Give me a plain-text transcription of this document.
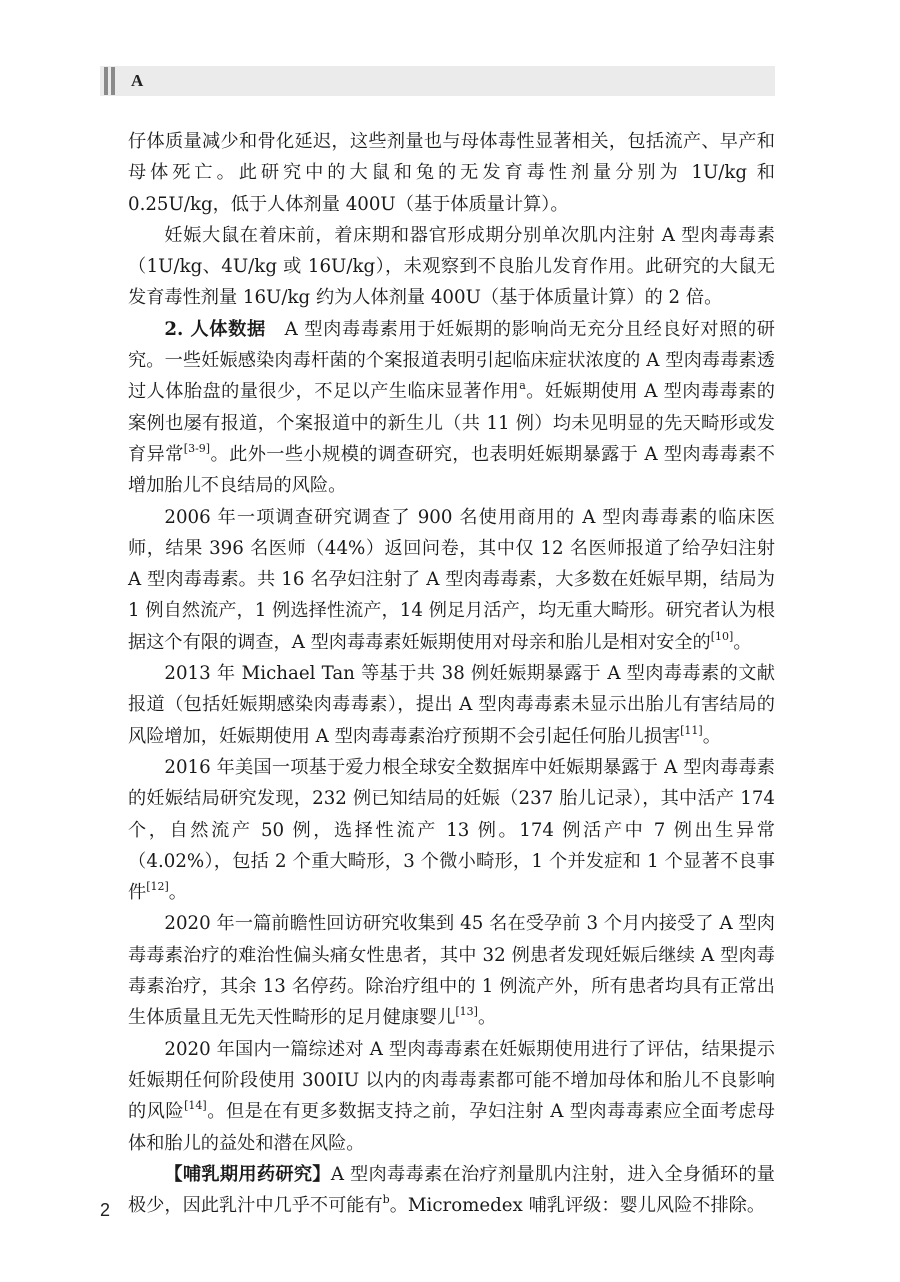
A

仔体质量减少和骨化延迟，这些剂量也与母体毒性显著相关，包括流产、早产和母体死亡。此研究中的大鼠和兔的无发育毒性剂量分别为 1U/kg 和 0.25U/kg，低于人体剂量 400U（基于体质量计算）。

妊娠大鼠在着床前，着床期和器官形成期分别单次肌内注射 A 型肉毒毒素（1U/kg、4U/kg 或 16U/kg），未观察到不良胎儿发育作用。此研究的大鼠无发育毒性剂量 16U/kg 约为人体剂量 400U（基于体质量计算）的 2 倍。

2. 人体数据　 A 型肉毒毒素用于妊娠期的影响尚无充分且经良好对照的研究。一些妊娠感染肉毒杆菌的个案报道表明引起临床症状浓度的 A 型肉毒毒素透过人体胎盘的量很少，不足以产生临床显著作用$^a$。妊娠期使用 A 型肉毒毒素的案例也屡有报道，个案报道中的新生儿（共 11 例）均未见明显的先天畸形或发育异常[3-9]。此外一些小规模的调查研究，也表明妊娠期暴露于 A 型肉毒毒素不增加胎儿不良结局的风险。

2006 年一项调查研究调查了 900 名使用商用的 A 型肉毒毒素的临床医师，结果 396 名医师（44%）返回问卷，其中仅 12 名医师报道了给孕妇注射 A 型肉毒毒素。共 16 名孕妇注射了 A 型肉毒毒素，大多数在妊娠早期，结局为 1 例自然流产，1 例选择性流产，14 例足月活产，均无重大畸形。研究者认为根据这个有限的调查，A 型肉毒毒素妊娠期使用对母亲和胎儿是相对安全的[10]。

2013 年 Michael Tan 等基于共 38 例妊娠期暴露于 A 型肉毒毒素的文献报道（包括妊娠期感染肉毒毒素），提出 A 型肉毒毒素未显示出胎儿有害结局的风险增加，妊娠期使用 A 型肉毒毒素治疗预期不会引起任何胎儿损害[11]。

2016 年美国一项基于爱力根全球安全数据库中妊娠期暴露于 A 型肉毒毒素的妊娠结局研究发现，232 例已知结局的妊娠（237 胎儿记录），其中活产 174 个，自然流产 50 例，选择性流产 13 例。174 例活产中 7 例出生异常（4.02%），包括 2 个重大畸形，3 个微小畸形，1 个并发症和 1 个显著不良事件[12]。

2020 年一篇前瞻性回访研究收集到 45 名在受孕前 3 个月内接受了 A 型肉毒毒素治疗的难治性偏头痛女性患者，其中 32 例患者发现妊娠后继续 A 型肉毒毒素治疗，其余 13 名停药。除治疗组中的 1 例流产外，所有患者均具有正常出生体质量且无先天性畸形的足月健康婴儿[13]。

2020 年国内一篇综述对 A 型肉毒毒素在妊娠期使用进行了评估，结果提示妊娠期任何阶段使用 300IU 以内的肉毒毒素都可能不增加母体和胎儿不良影响的风险[14]。但是在有更多数据支持之前，孕妇注射 A 型肉毒毒素应全面考虑母体和胎儿的益处和潜在风险。

【哺乳期用药研究】A 型肉毒毒素在治疗剂量肌内注射，进入全身循环的量极少，因此乳汁中几乎不可能有$^b$。Micromedex 哺乳评级：婴儿风险不排除。

2
